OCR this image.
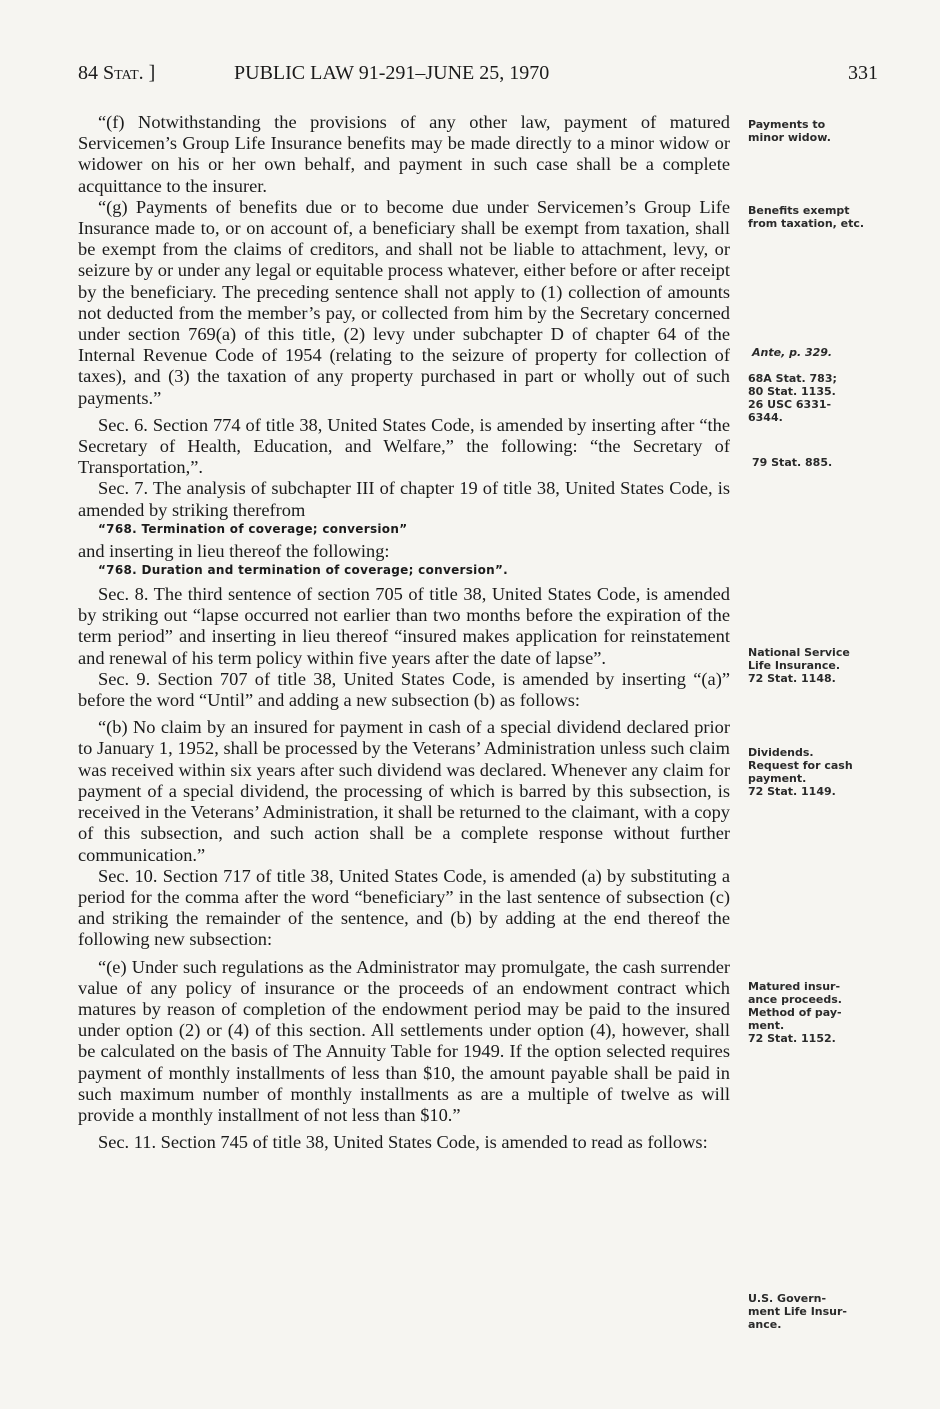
84 Stat. ]	PUBLIC LAW 91-291–JUNE 25, 1970	331

“(f) Notwithstanding the provisions of any other law, payment of matured Servicemen’s Group Life Insurance benefits may be made directly to a minor widow or widower on his or her own behalf, and payment in such case shall be a complete acquittance to the insurer.

“(g) Payments of benefits due or to become due under Servicemen’s Group Life Insurance made to, or on account of, a beneficiary shall be exempt from taxation, shall be exempt from the claims of creditors, and shall not be liable to attachment, levy, or seizure by or under any legal or equitable process whatever, either before or after receipt by the beneficiary. The preceding sentence shall not apply to (1) collection of amounts not deducted from the member’s pay, or collected from him by the Secretary concerned under section 769(a) of this title, (2) levy under subchapter D of chapter 64 of the Internal Revenue Code of 1954 (relating to the seizure of property for collection of taxes), and (3) the taxation of any property purchased in part or wholly out of such payments.”

Sec. 6. Section 774 of title 38, United States Code, is amended by inserting after “the Secretary of Health, Education, and Welfare,” the following: “the Secretary of Transportation,”.

Sec. 7. The analysis of subchapter III of chapter 19 of title 38, United States Code, is amended by striking therefrom

“768. Termination of coverage; conversion”

and inserting in lieu thereof the following:

“768. Duration and termination of coverage; conversion”.

Sec. 8. The third sentence of section 705 of title 38, United States Code, is amended by striking out “lapse occurred not earlier than two months before the expiration of the term period” and inserting in lieu thereof “insured makes application for reinstatement and renewal of his term policy within five years after the date of lapse”.

Sec. 9. Section 707 of title 38, United States Code, is amended by inserting “(a)” before the word “Until” and adding a new subsection (b) as follows:

“(b) No claim by an insured for payment in cash of a special dividend declared prior to January 1, 1952, shall be processed by the Veterans’ Administration unless such claim was received within six years after such dividend was declared. Whenever any claim for payment of a special dividend, the processing of which is barred by this subsection, is received in the Veterans’ Administration, it shall be returned to the claimant, with a copy of this subsection, and such action shall be a complete response without further communication.”

Sec. 10. Section 717 of title 38, United States Code, is amended (a) by substituting a period for the comma after the word “beneficiary” in the last sentence of subsection (c) and striking the remainder of the sentence, and (b) by adding at the end thereof the following new subsection:

“(e) Under such regulations as the Administrator may promulgate, the cash surrender value of any policy of insurance or the proceeds of an endowment contract which matures by reason of completion of the endowment period may be paid to the insured under option (2) or (4) of this section. All settlements under option (4), however, shall be calculated on the basis of The Annuity Table for 1949. If the option selected requires payment of monthly installments of less than $10, the amount payable shall be paid in such maximum number of monthly installments as are a multiple of twelve as will provide a monthly installment of not less than $10.”

Sec. 11. Section 745 of title 38, United States Code, is amended to read as follows:

Payments to
minor widow.
Benefits exempt
from taxation, etc.
Ante, p. 329.
68A Stat. 783;
80 Stat. 1135.
26 USC 6331-
6344.
79 Stat. 885.
National Service
Life Insurance.
72 Stat. 1148.
Dividends.
Request for cash
payment.
72 Stat. 1149.
Matured insur-
ance proceeds.
Method of pay-
ment.
72 Stat. 1152.
U.S. Govern-
ment Life Insur-
ance.
